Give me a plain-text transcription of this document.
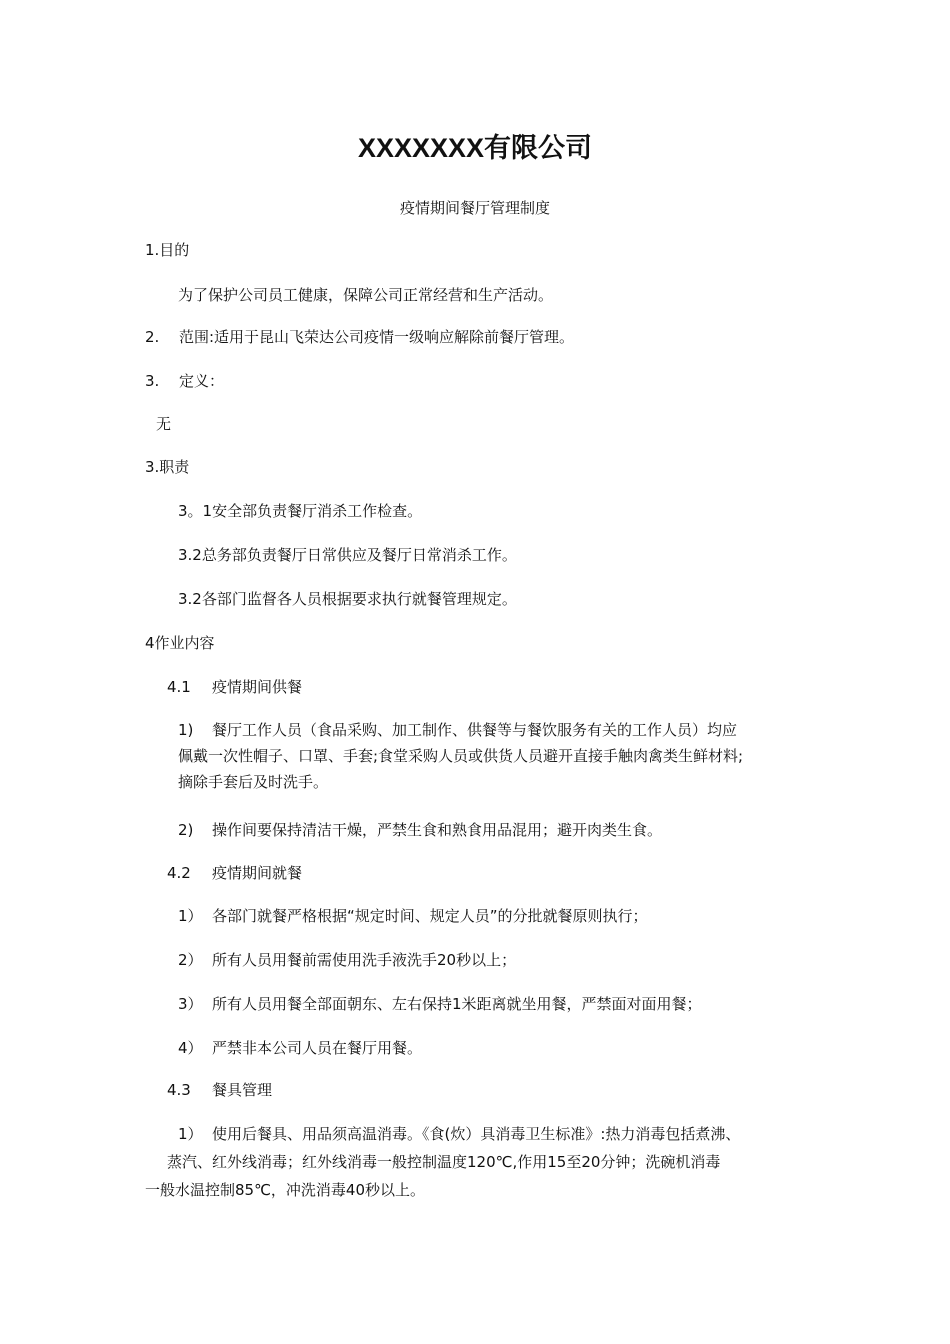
XXXXXXX有限公司
疫情期间餐厅管理制度
1.目的
为了保护公司员工健康，保障公司正常经营和生产活动。
2. 范围:适用于昆山飞荣达公司疫情一级响应解除前餐厅管理。
3. 定义：
无
3.职责
3。1安全部负责餐厅消杀工作检查。
3.2总务部负责餐厅日常供应及餐厅日常消杀工作。
3.2各部门监督各人员根据要求执行就餐管理规定。
4作业内容
4.1 疫情期间供餐
1) 餐厅工作人员（食品采购、加工制作、供餐等与餐饮服务有关的工作人员）均应
佩戴一次性帽子、口罩、手套;食堂采购人员或供货人员避开直接手触肉禽类生鲜材料;
摘除手套后及时洗手。
2) 操作间要保持清洁干燥，严禁生食和熟食用品混用；避开肉类生食。
4.2 疫情期间就餐
1） 各部门就餐严格根据“规定时间、规定人员”的分批就餐原则执行；
2） 所有人员用餐前需使用洗手液洗手20秒以上；
3） 所有人员用餐全部面朝东、左右保持1米距离就坐用餐，严禁面对面用餐；
4） 严禁非本公司人员在餐厅用餐。
4.3 餐具管理
1） 使用后餐具、用品须高温消毒。《食(炊）具消毒卫生标准》:热力消毒包括煮沸、
蒸汽、红外线消毒；红外线消毒一般控制温度120℃,作用15至20分钟；洗碗机消毒
一般水温控制85℃，冲洗消毒40秒以上。
